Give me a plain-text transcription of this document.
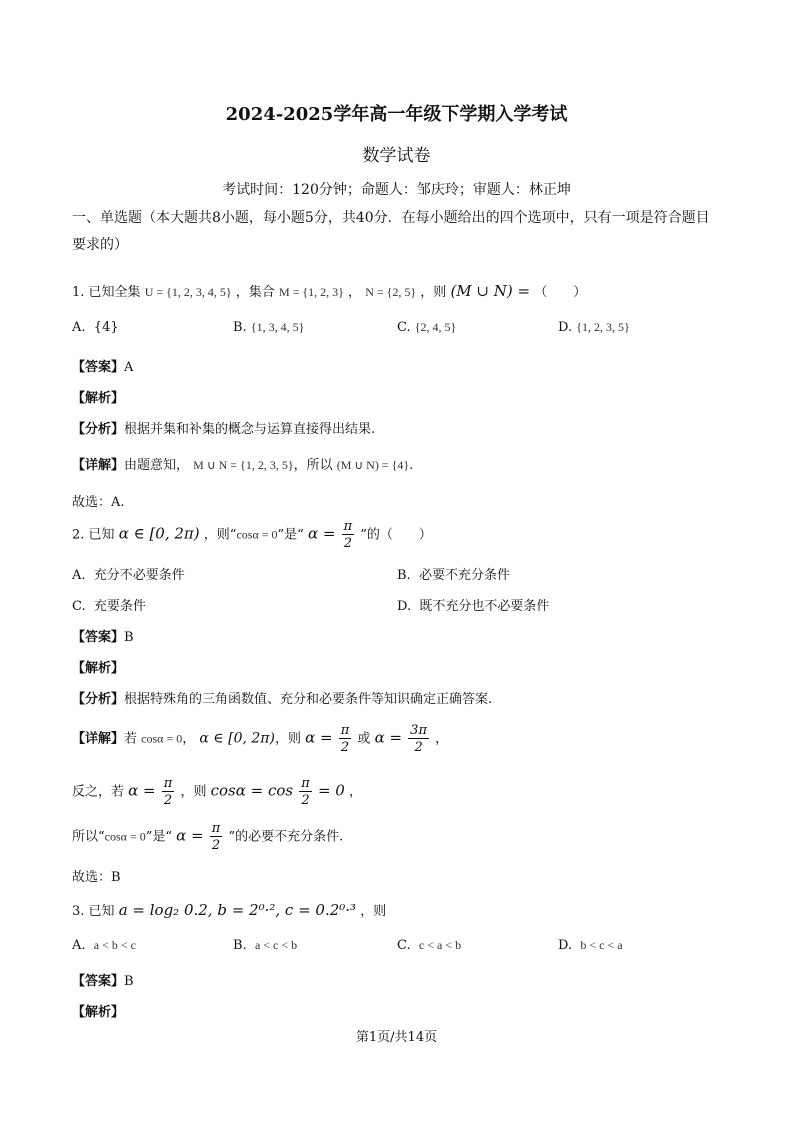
2024-2025学年高一年级下学期入学考试
数学试卷
考试时间：120分钟；命题人：邹庆玲；审题人：林正坤
一、单选题（本大题共8小题，每小题5分，共40分．在每小题给出的四个选项中，只有一项是符合题目要求的）
1. 已知全集 U = {1, 2, 3, 4, 5} ，集合 M = {1, 2, 3} ， N = {2, 5} ，则 (M ∪ N) = （　　）
A. {4}	B. {1, 3, 4, 5}	C. {2, 4, 5}	D. {1, 2, 3, 5}
【答案】A
【解析】
【分析】根据并集和补集的概念与运算直接得出结果.
【详解】由题意知， M ∪ N = {1, 2, 3, 5}，所以 (M ∪ N) = {4}.
故选：A.
2. 已知 α ∈ [0, 2π) ，则“cosα = 0”是“ $\alpha = \frac{\pi}{2}$ ”的（　　）
A. 充分不必要条件	B. 必要不充分条件
C. 充要条件	D. 既不充分也不必要条件
【答案】B
【解析】
【分析】根据特殊角的三角函数值、充分和必要条件等知识确定正确答案.
【详解】若 cosα = 0， α ∈ [0, 2π)，则 $\alpha = \frac{\pi}{2}$ 或 $\alpha = \frac{3\pi}{2}$ ，
反之，若 $\alpha = \frac{\pi}{2}$ ，则 $\cos\alpha = \cos \frac{\pi}{2} = 0$ ，
所以“cosα = 0”是“ $\alpha = \frac{\pi}{2}$ ”的必要不充分条件.
故选：B
3. 已知 a = log₂ 0.2, b = 2⁰·², c = 0.2⁰·³ ，则
A. a < b < c	B. a < c < b	C. c < a < b	D. b < c < a
【答案】B
【解析】
第1页/共14页
